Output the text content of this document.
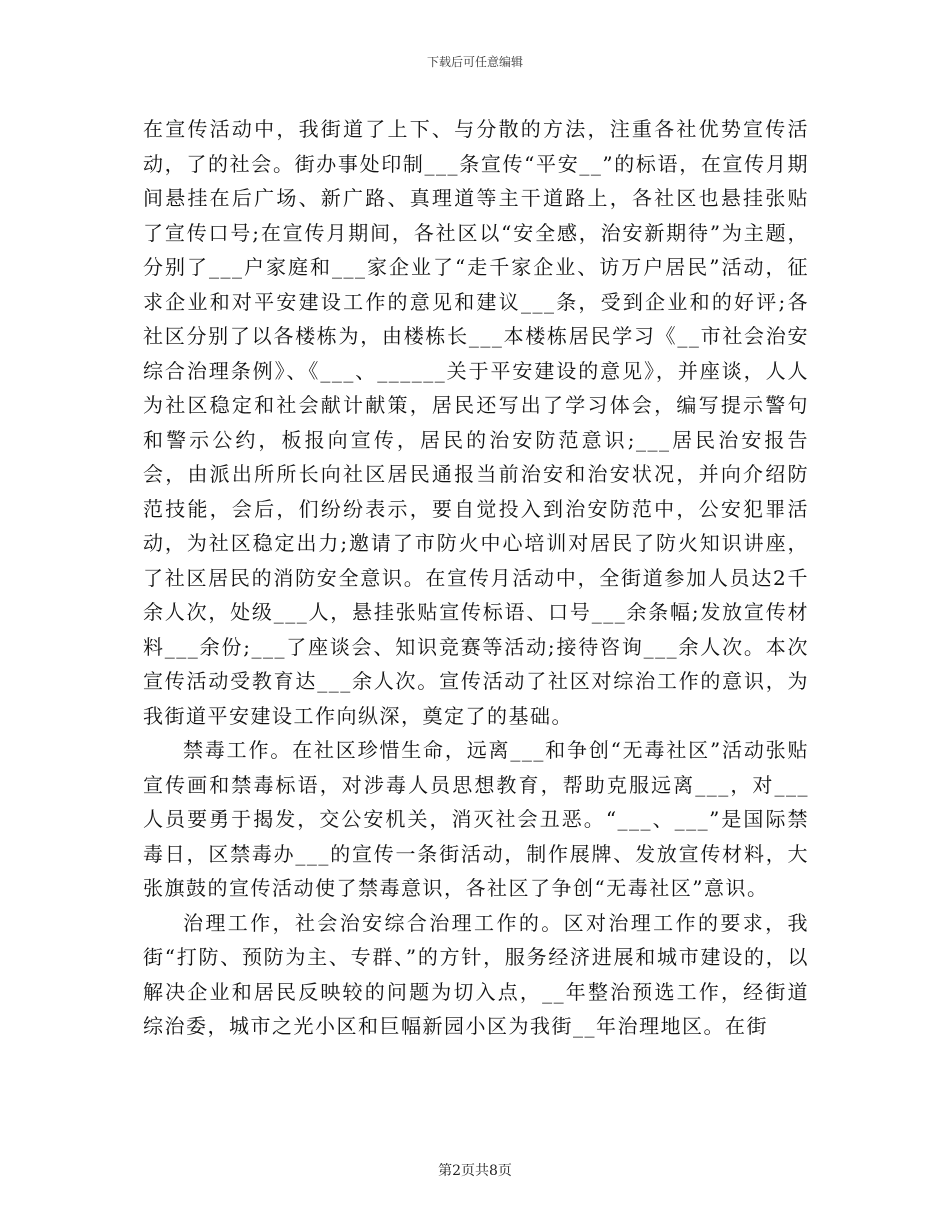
下载后可任意编辑

在宣传活动中，我街道了上下、与分散的方法，注重各社优势宣传活动，了的社会。街办事处印制___条宣传“平安__”的标语，在宣传月期间悬挂在后广场、新广路、真理道等主干道路上，各社区也悬挂张贴了宣传口号;在宣传月期间，各社区以“安全感，治安新期待”为主题，分别了___户家庭和___家企业了“走千家企业、访万户居民”活动，征求企业和对平安建设工作的意见和建议___条，受到企业和的好评;各社区分别了以各楼栋为，由楼栋长___本楼栋居民学习《__市社会治安综合治理条例》、《___、______关于平安建设的意见》，并座谈，人人为社区稳定和社会献计献策，居民还写出了学习体会，编写提示警句和警示公约，板报向宣传，居民的治安防范意识;___居民治安报告会，由派出所所长向社区居民通报当前治安和治安状况，并向介绍防范技能，会后，们纷纷表示，要自觉投入到治安防范中，公安犯罪活动，为社区稳定出力;邀请了市防火中心培训对居民了防火知识讲座，了社区居民的消防安全意识。在宣传月活动中，全街道参加人员达2千余人次，处级___人，悬挂张贴宣传标语、口号___余条幅;发放宣传材料___余份;___了座谈会、知识竞赛等活动;接待咨询___余人次。本次宣传活动受教育达___余人次。宣传活动了社区对综治工作的意识，为我街道平安建设工作向纵深，奠定了的基础。

禁毒工作。在社区珍惜生命，远离___和争创“无毒社区”活动张贴宣传画和禁毒标语，对涉毒人员思想教育，帮助克服远离___，对___人员要勇于揭发，交公安机关，消灭社会丑恶。“___、___”是国际禁毒日，区禁毒办___的宣传一条街活动，制作展牌、发放宣传材料，大张旗鼓的宣传活动使了禁毒意识，各社区了争创“无毒社区”意识。

治理工作，社会治安综合治理工作的。区对治理工作的要求，我街“打防、预防为主、专群、”的方针，服务经济进展和城市建设的，以解决企业和居民反映较的问题为切入点，__年整治预选工作，经街道综治委，城市之光小区和巨幅新园小区为我街__年治理地区。在街

第2页共8页
